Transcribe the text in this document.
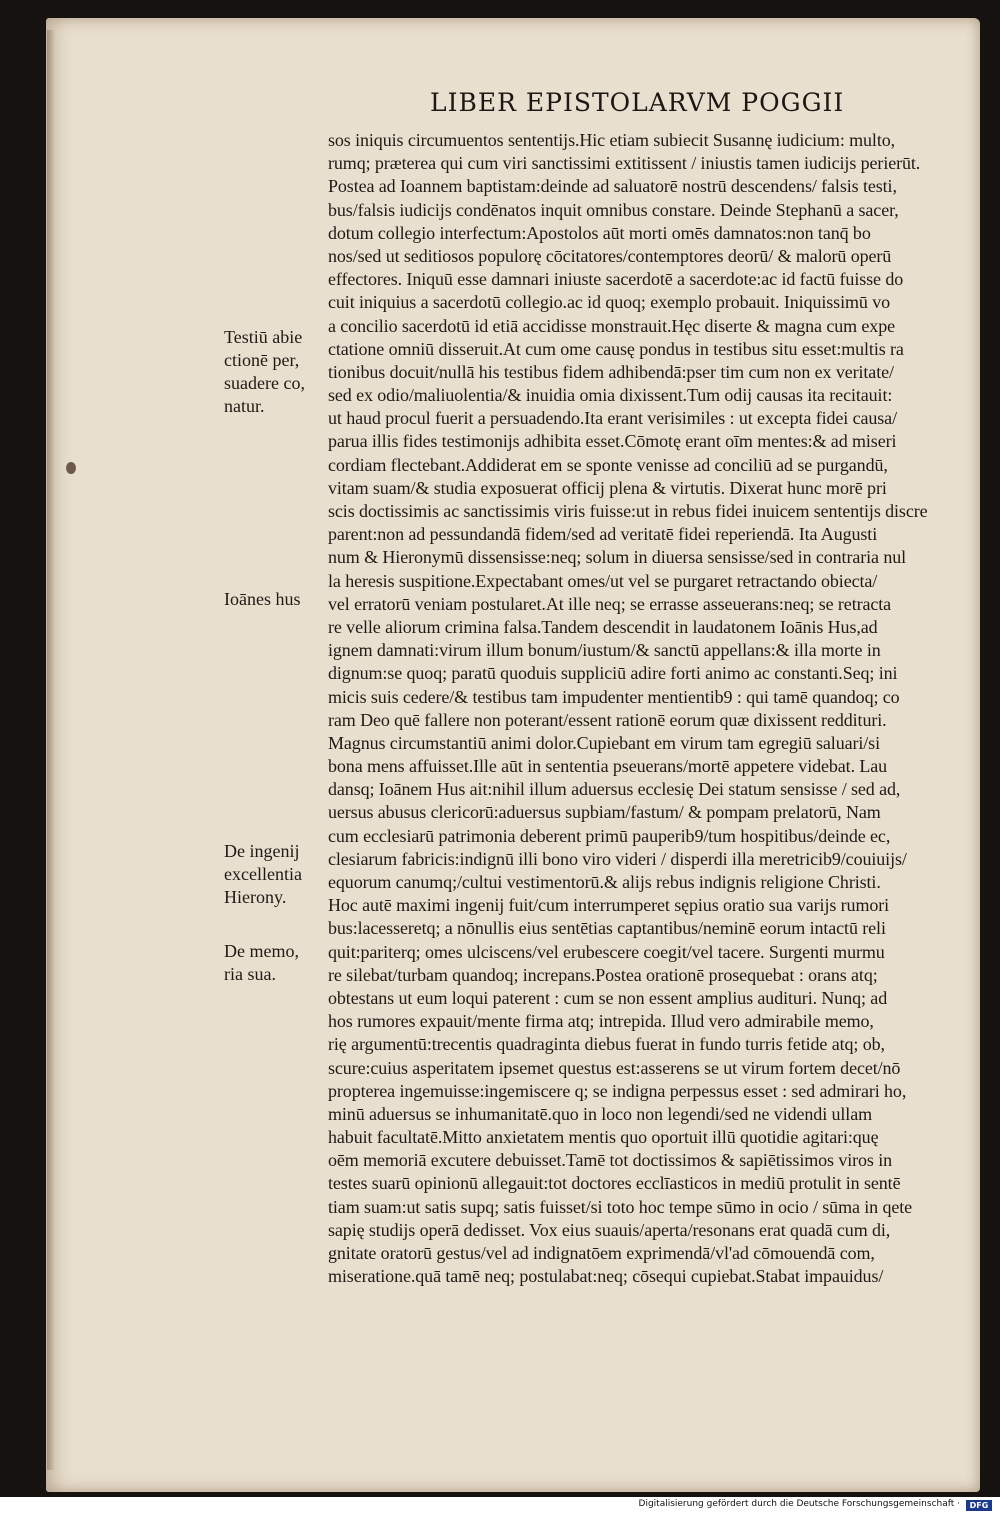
LIBER EPISTOLARVM POGGII
sos iniquis circumuentos sententijs.Hic etiam subiecit Susannę iudicium: multo,
rumq; præterea qui cum viri sanctissimi extitissent / iniustis tamen iudicijs perierūt.
Postea ad Ioannem baptistam:deinde ad saluatorē nostrū descendens/ falsis testi,
bus/falsis iudicijs condēnatos inquit omnibus constare. Deinde Stephanū a sacer,
dotum collegio interfectum:Apostolos aūt morti omēs damnatos:non tanq̄ bo
nos/sed ut seditiosos populorę cōcitatores/contemptores deorū/ & malorū operū
effectores. Iniquū esse damnari iniuste sacerdotē a sacerdote:ac id factū fuisse do
cuit iniquius a sacerdotū collegio.ac id quoq; exemplo probauit. Iniquissimū vo
a concilio sacerdotū id etiā accidisse monstrauit.Hęc diserte & magna cum expe
ctatione omniū disseruit.At cum ome causę pondus in testibus situ esset:multis ra
tionibus docuit/nullā his testibus fidem adhibendā:pser tim cum non ex veritate/
sed ex odio/maliuolentia/& inuidia omia dixissent.Tum odij causas ita recitauit:
ut haud procul fuerit a persuadendo.Ita erant verisimiles : ut excepta fidei causa/
parua illis fides testimonijs adhibita esset.Cōmotę erant oīm mentes:& ad miseri
cordiam flectebant.Addiderat em se sponte venisse ad conciliū ad se purgandū,
vitam suam/& studia exposuerat officij plena & virtutis. Dixerat hunc morē pri
scis doctissimis ac sanctissimis viris fuisse:ut in rebus fidei inuicem sententijs discre
parent:non ad pessundandā fidem/sed ad veritatē fidei reperiendā. Ita Augusti
num & Hieronymū dissensisse:neq; solum in diuersa sensisse/sed in contraria nul
la heresis suspitione.Expectabant omes/ut vel se purgaret retractando obiecta/
vel erratorū veniam postularet.At ille neq; se errasse asseuerans:neq; se retracta
re velle aliorum crimina falsa.Tandem descendit in laudatonem Ioānis Hus,ad
ignem damnati:virum illum bonum/iustum/& sanctū appellans:& illa morte in
dignum:se quoq; paratū quoduis suppliciū adire forti animo ac constanti.Seq; ini
micis suis cedere/& testibus tam impudenter mentientib9 : qui tamē quandoq; co
ram Deo quē fallere non poterant/essent rationē eorum quæ dixissent reddituri.
Magnus circumstantiū animi dolor.Cupiebant em virum tam egregiū saluari/si
bona mens affuisset.Ille aūt in sententia pseuerans/mortē appetere videbat. Lau
dansq; Ioānem Hus ait:nihil illum aduersus ecclesię Dei statum sensisse / sed ad,
uersus abusus clericorū:aduersus supbiam/fastum/ & pompam prelatorū, Nam
cum ecclesiarū patrimonia deberent primū pauperib9/tum hospitibus/deinde ec,
clesiarum fabricis:indignū illi bono viro videri / disperdi illa meretricib9/couiuijs/
equorum canumq;/cultui vestimentorū.& alijs rebus indignis religione Christi.
Hoc autē maximi ingenij fuit/cum interrumperet sępius oratio sua varijs rumori
bus:lacesseretq; a nōnullis eius sentētias captantibus/neminē eorum intactū reli
quit:pariterq; omes ulciscens/vel erubescere coegit/vel tacere. Surgenti murmu
re silebat/turbam quandoq; increpans.Postea orationē prosequebat : orans atq;
obtestans ut eum loqui paterent : cum se non essent amplius audituri. Nunq; ad
hos rumores expauit/mente firma atq; intrepida. Illud vero admirabile memo,
rię argumentū:trecentis quadraginta diebus fuerat in fundo turris fetide atq; ob,
scure:cuius asperitatem ipsemet questus est:asserens se ut virum fortem decet/nō
propterea ingemuisse:ingemiscere q; se indigna perpessus esset : sed admirari ho,
minū aduersus se inhumanitatē.quo in loco non legendi/sed ne videndi ullam
habuit facultatē.Mitto anxietatem mentis quo oportuit illū quotidie agitari:quę
oēm memoriā excutere debuisset.Tamē tot doctissimos & sapiētissimos viros in
testes suarū opinionū allegauit:tot doctores ecclīasticos in mediū protulit in sentē
tiam suam:ut satis supq; satis fuisset/si toto hoc tempe sūmo in ocio / sūma in qete
sapię studijs operā dedisset. Vox eius suauis/aperta/resonans erat quadā cum di,
gnitate oratorū gestus/vel ad indignatōem exprimendā/vl'ad cōmouendā com,
miseratione.quā tamē neq; postulabat:neq; cōsequi cupiebat.Stabat impauidus/
Testiū abie
ctionē per,
suadere co,
natur.
Ioānes hus
De ingenij
excellentia
Hierony.
De memo,
ria sua.
Digitalisierung gefördert durch die Deutsche Forschungsgemeinschaft ·	DFG
